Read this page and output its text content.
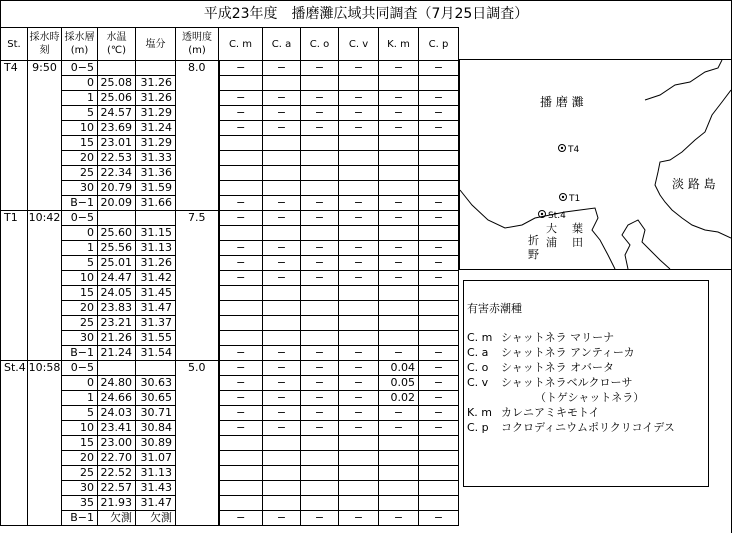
平成23年度　播磨灘広域共同調査（7月25日調査）
St.	採水時刻	採水層(m)	水温(℃)	塩分	透明度(m)	C. m	C. a	C. o	C. v	K. m	C. p
T4	9:50	0−5			8.0	−	−	−	−	−	−
		0	25.08	31.26							
		1	25.06	31.26		−	−	−	−	−	−
		5	24.57	31.29		−	−	−	−	−	−
		10	23.69	31.24		−	−	−	−	−	−
		15	23.01	31.29							
		20	22.53	31.33							
		25	22.34	31.36							
		30	20.79	31.59							
		B−1	20.09	31.66		−	−	−	−	−	−
T1	10:42	0−5			7.5	−	−	−	−	−	−
		0	25.60	31.15							
		1	25.56	31.13		−	−	−	−	−	−
		5	25.01	31.26		−	−	−	−	−	−
		10	24.47	31.42		−	−	−	−	−	−
		15	24.05	31.45							
		20	23.83	31.47							
		25	23.21	31.37							
		30	21.26	31.55							
		B−1	21.24	31.54		−	−	−	−	−	−
St.4	10:58	0−5			5.0	−	−	−	−	0.04	−
		0	24.80	30.63		−	−	−	−	0.05	−
		1	24.66	30.65		−	−	−	−	0.02	−
		5	24.03	30.71		−	−	−	−	−	−
		10	23.41	30.84		−	−	−	−	−	−
		15	23.00	30.89							
		20	22.70	31.07							
		25	22.52	31.13							
		30	22.57	31.43							
		35	21.93	31.47							
		B−1	欠測	欠測		−	−	−	−	−	−
T4
T1
St.4
播 磨 灘
淡 路 島
大
浦
葉
田
折
野
有害赤潮種
C. m シャットネラ マリーナ
C. a	シャットネラ アンティーカ
C. o	シャットネラ オバータ
C. v	シャットネラベルクローサ
（トゲシャットネラ）
K. m カレニアミキモトイ
C. p	コクロディニウムポリクリコイデス
